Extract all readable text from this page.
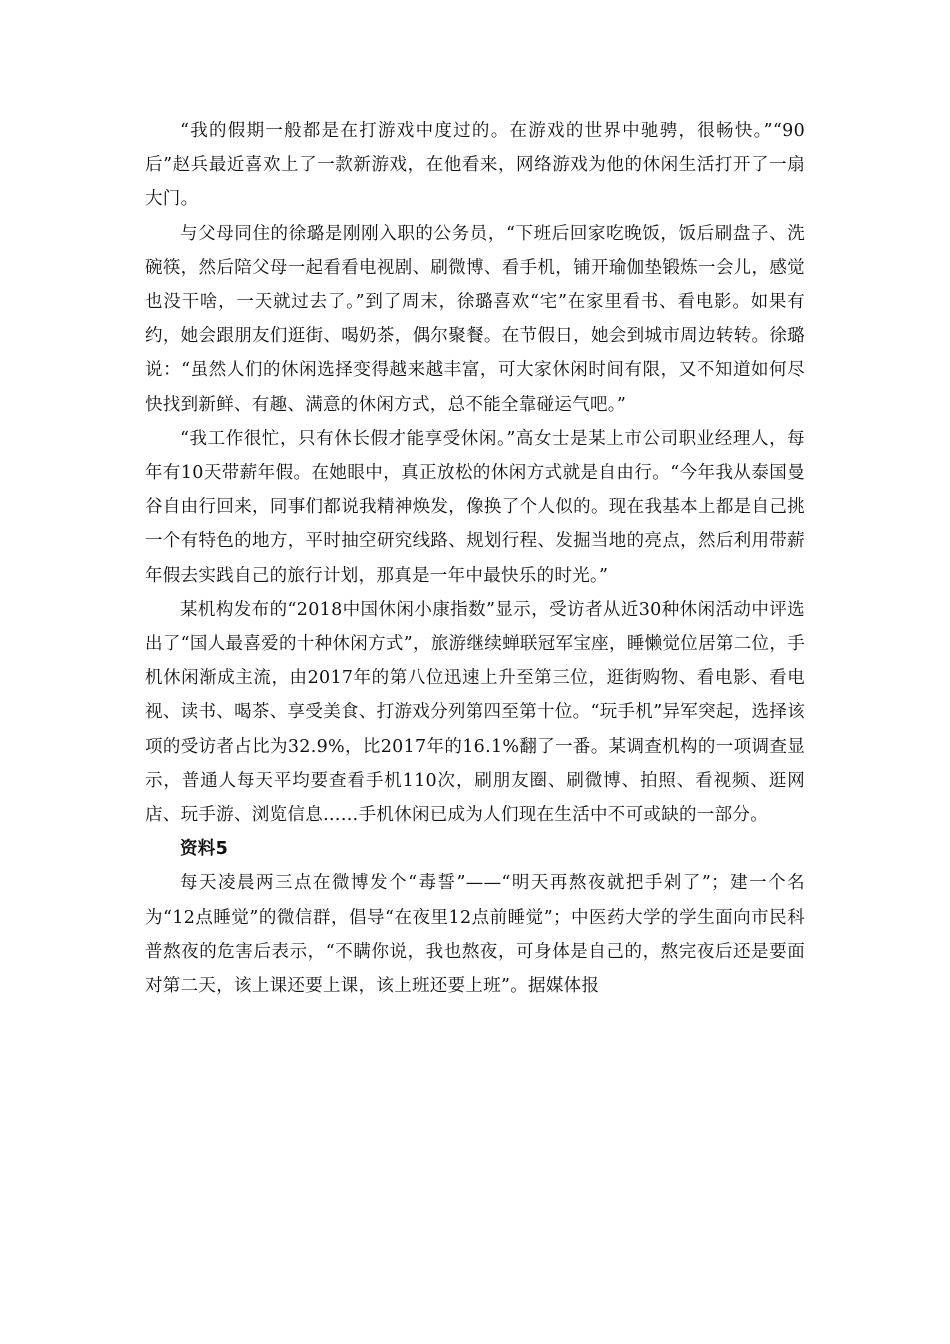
“我的假期一般都是在打游戏中度过的。在游戏的世界中驰骋，很畅快。”“90后”赵兵最近喜欢上了一款新游戏，在他看来，网络游戏为他的休闲生活打开了一扇大门。

与父母同住的徐璐是刚刚入职的公务员，“下班后回家吃晚饭，饭后刷盘子、洗碗筷，然后陪父母一起看看电视剧、刷微博、看手机，铺开瑜伽垫锻炼一会儿，感觉也没干啥，一天就过去了。”到了周末，徐璐喜欢“宅”在家里看书、看电影。如果有约，她会跟朋友们逛街、喝奶茶，偶尔聚餐。在节假日，她会到城市周边转转。徐璐说：“虽然人们的休闲选择变得越来越丰富，可大家休闲时间有限，又不知道如何尽快找到新鲜、有趣、满意的休闲方式，总不能全靠碰运气吧。”

“我工作很忙，只有休长假才能享受休闲。”高女士是某上市公司职业经理人，每年有10天带薪年假。在她眼中，真正放松的休闲方式就是自由行。“今年我从泰国曼谷自由行回来，同事们都说我精神焕发，像换了个人似的。现在我基本上都是自己挑一个有特色的地方，平时抽空研究线路、规划行程、发掘当地的亮点，然后利用带薪年假去实践自己的旅行计划，那真是一年中最快乐的时光。”

某机构发布的“2018中国休闲小康指数”显示，受访者从近30种休闲活动中评选出了“国人最喜爱的十种休闲方式”，旅游继续蝉联冠军宝座，睡懒觉位居第二位，手机休闲渐成主流，由2017年的第八位迅速上升至第三位，逛街购物、看电影、看电视、读书、喝茶、享受美食、打游戏分列第四至第十位。“玩手机”异军突起，选择该项的受访者占比为32.9%，比2017年的16.1%翻了一番。某调查机构的一项调查显示，普通人每天平均要查看手机110次，刷朋友圈、刷微博、拍照、看视频、逛网店、玩手游、浏览信息……手机休闲已成为人们现在生活中不可或缺的一部分。

资料5

每天凌晨两三点在微博发个“毒誓”——“明天再熬夜就把手剁了”；建一个名为“12点睡觉”的微信群，倡导“在夜里12点前睡觉”；中医药大学的学生面向市民科普熬夜的危害后表示，“不瞒你说，我也熬夜，可身体是自己的，熬完夜后还是要面对第二天，该上课还要上课，该上班还要上班”。据媒体报
